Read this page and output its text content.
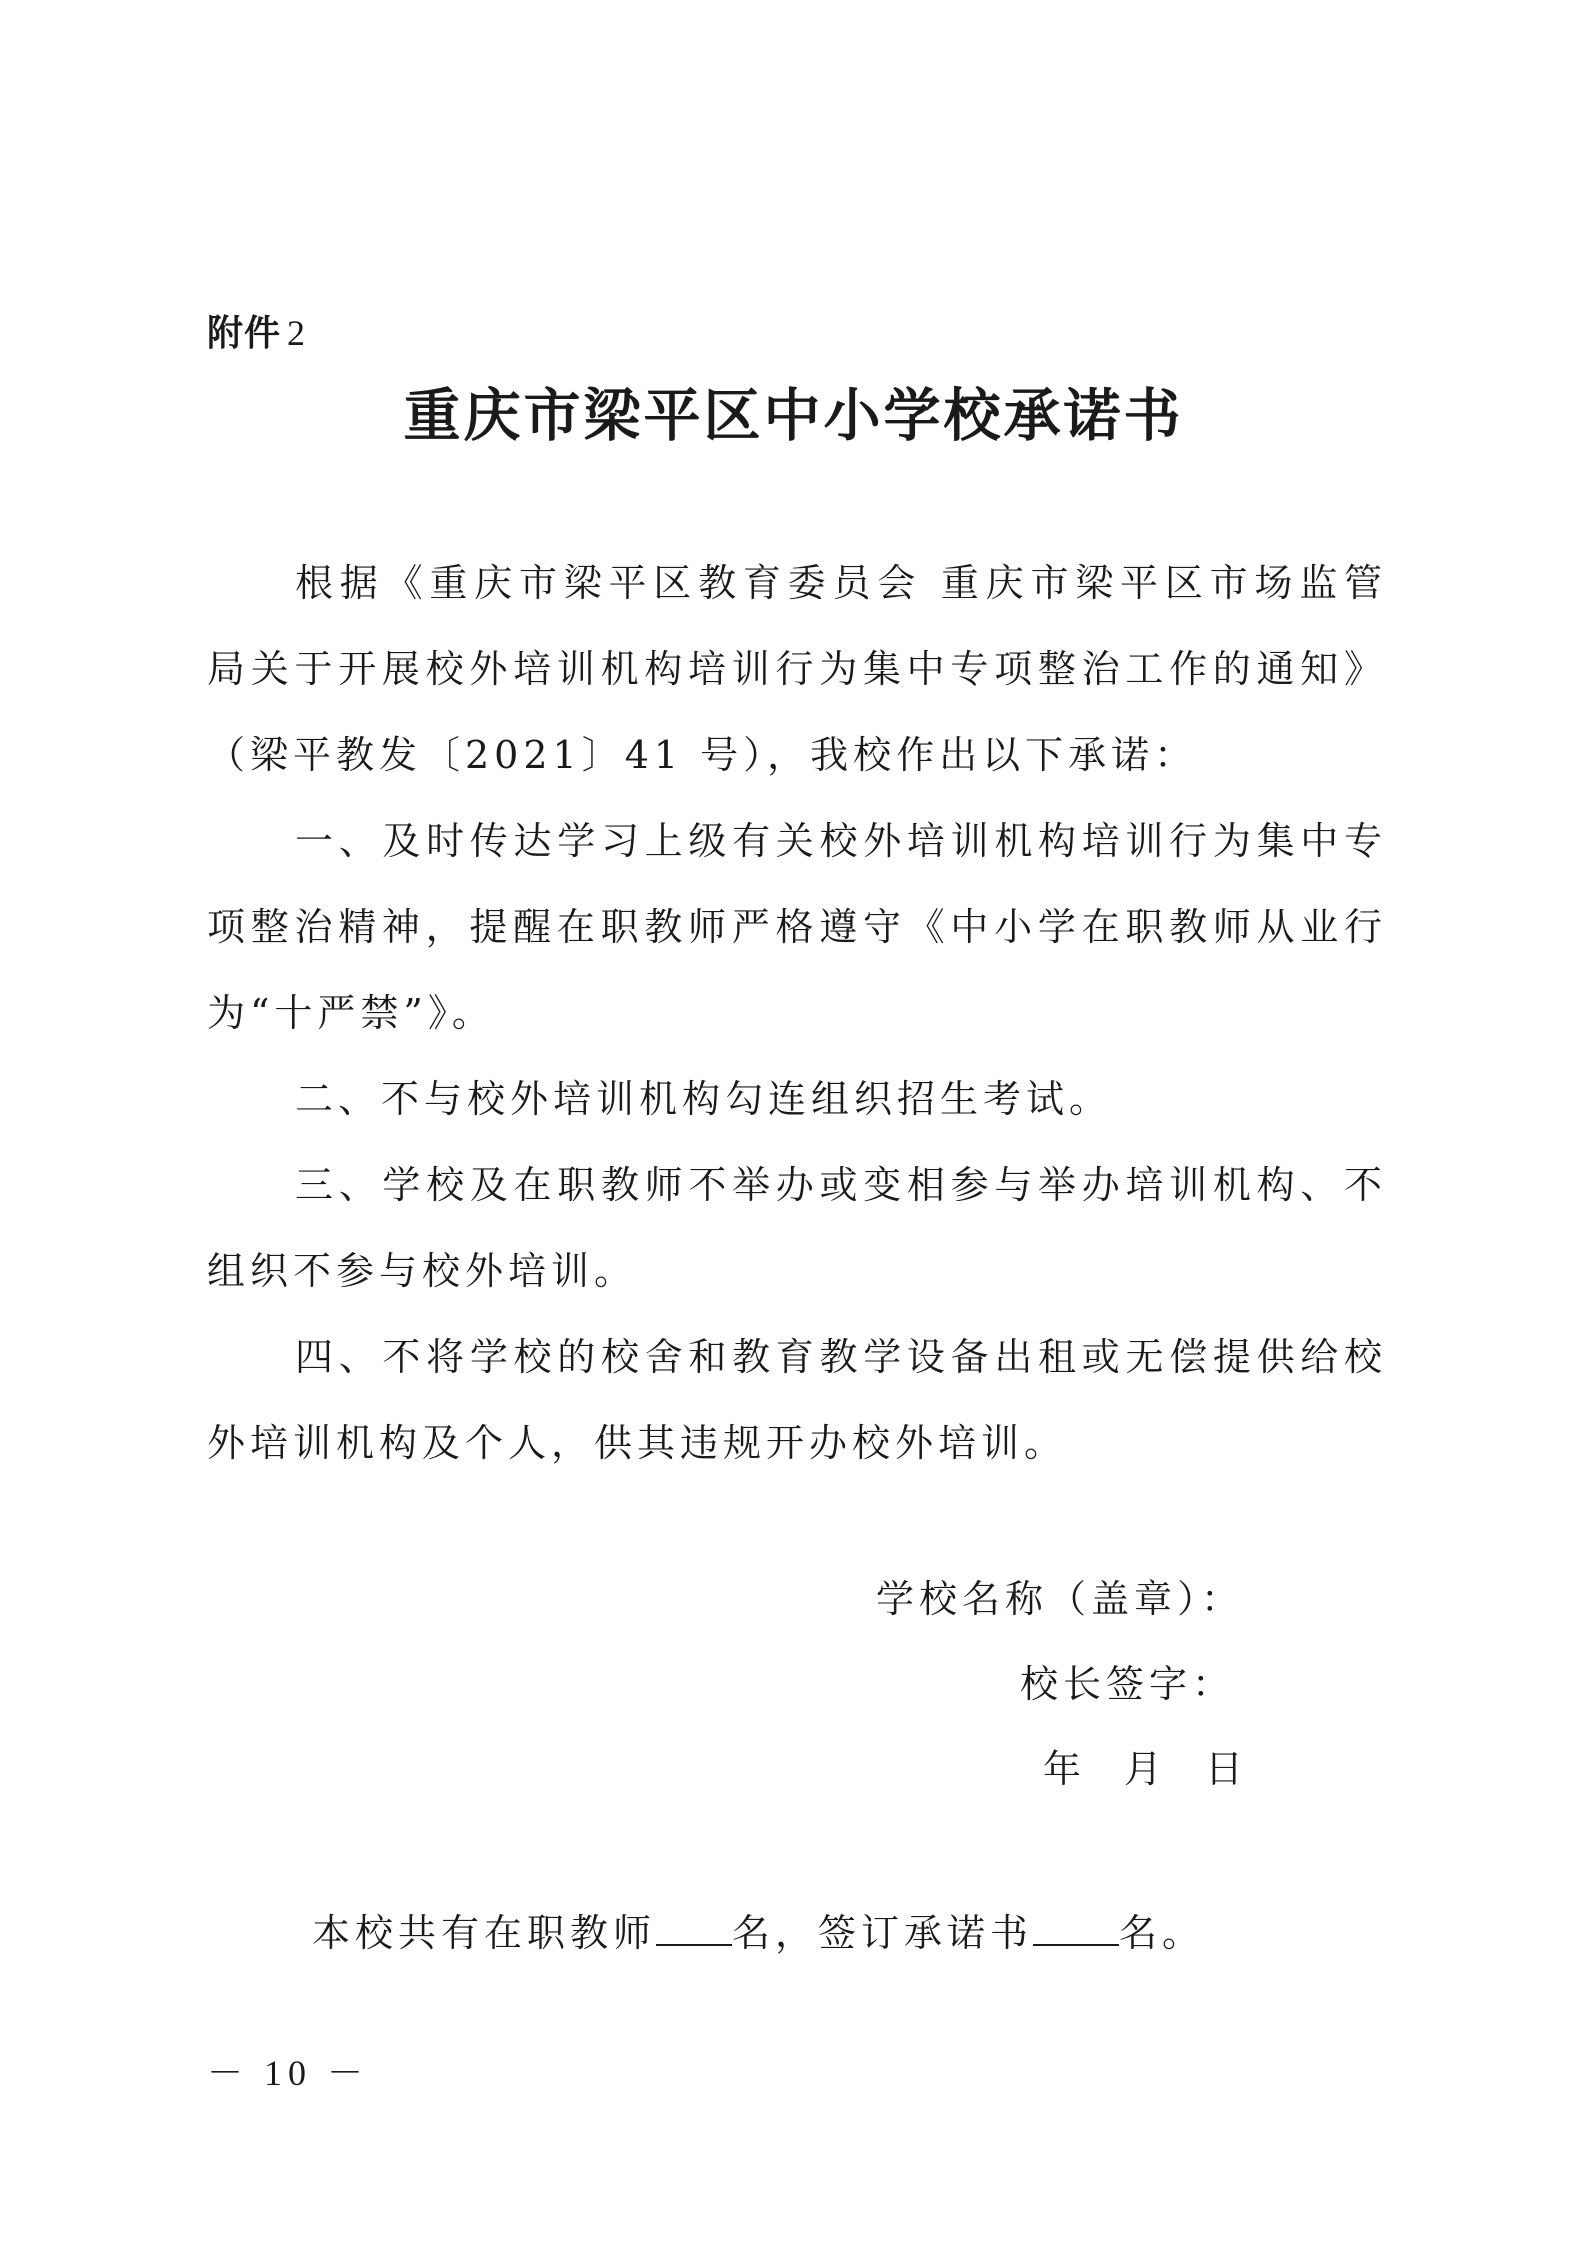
附件 2
重庆市梁平区中小学校承诺书

根据《重庆市梁平区教育委员会 重庆市梁平区市场监管局关于开展校外培训机构培训行为集中专项整治工作的通知》（梁平教发〔2021〕41 号），我校作出以下承诺：

一、及时传达学习上级有关校外培训机构培训行为集中专项整治精神，提醒在职教师严格遵守《中小学在职教师从业行为“十严禁”》。

二、不与校外培训机构勾连组织招生考试。

三、学校及在职教师不举办或变相参与举办培训机构、不组织不参与校外培训。

四、不将学校的校舍和教育教学设备出租或无偿提供给校外培训机构及个人，供其违规开办校外培训。

学校名称（盖章）：
校长签字：
年 月 日
本校共有在职教师 名，签订承诺书 名。
－ 10 －
